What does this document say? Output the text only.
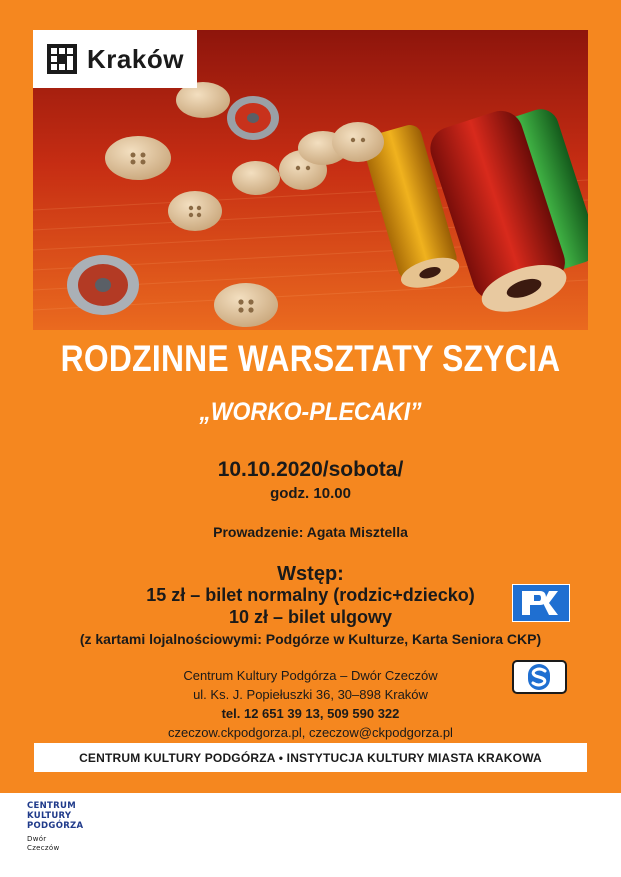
Kraków
RODZINNE WARSZTATY SZYCIA
„WORKO-PLECAKI”
10.10.2020/sobota/
godz. 10.00
Prowadzenie: Agata Misztella
Wstęp:
15 zł – bilet normalny (rodzic+dziecko)
10 zł – bilet ulgowy
(z kartami lojalnościowymi: Podgórze w Kulturze, Karta Seniora CKP)
Centrum Kultury Podgórza – Dwór Czeczów
ul. Ks. J. Popiełuszki 36, 30–898 Kraków
tel. 12 651 39 13, 509 590 322
czeczow.ckpodgorza.pl, czeczow@ckpodgorza.pl
CENTRUM KULTURY PODGÓRZA • INSTYTUCJA KULTURY MIASTA KRAKOWA
CENTRUM
KULTURY
PODGÓRZA
Dwór
Czeczów
